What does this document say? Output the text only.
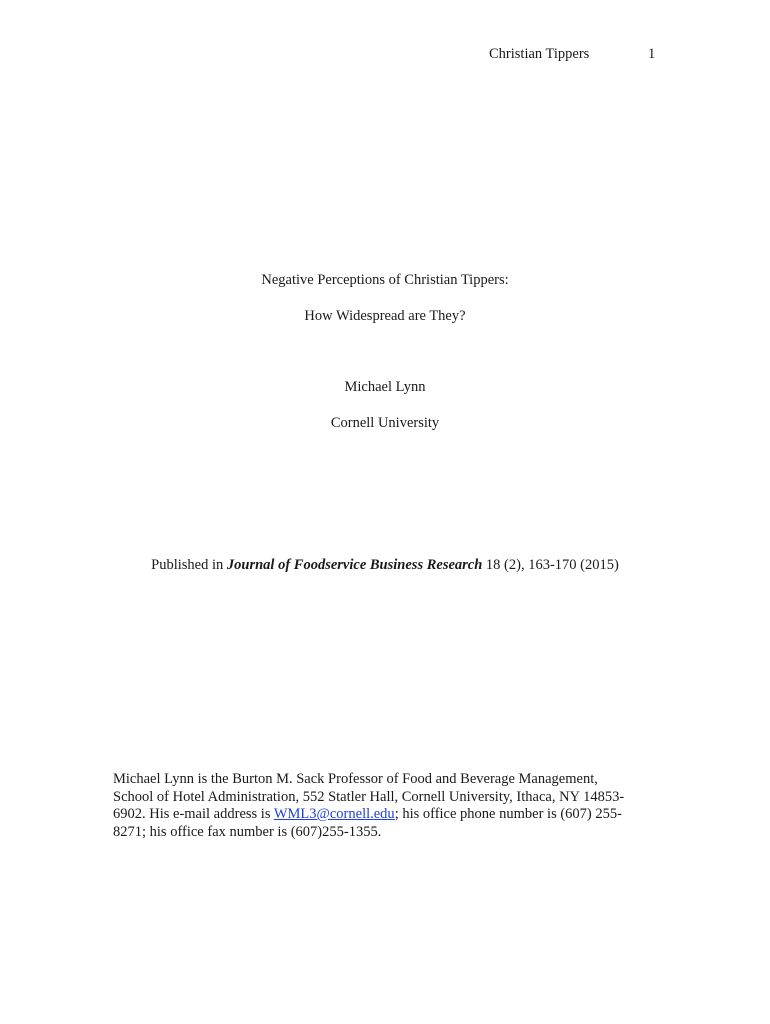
Christian Tippers	1
Negative Perceptions of Christian Tippers:
How Widespread are They?
Michael Lynn
Cornell University
Published in Journal of Foodservice Business Research 18 (2), 163-170 (2015)
Michael Lynn is the Burton M. Sack Professor of Food and Beverage Management,
School of Hotel Administration, 552 Statler Hall, Cornell University, Ithaca, NY 14853-
6902. His e-mail address is WML3@cornell.edu; his office phone number is (607) 255-
8271; his office fax number is (607)255-1355.
